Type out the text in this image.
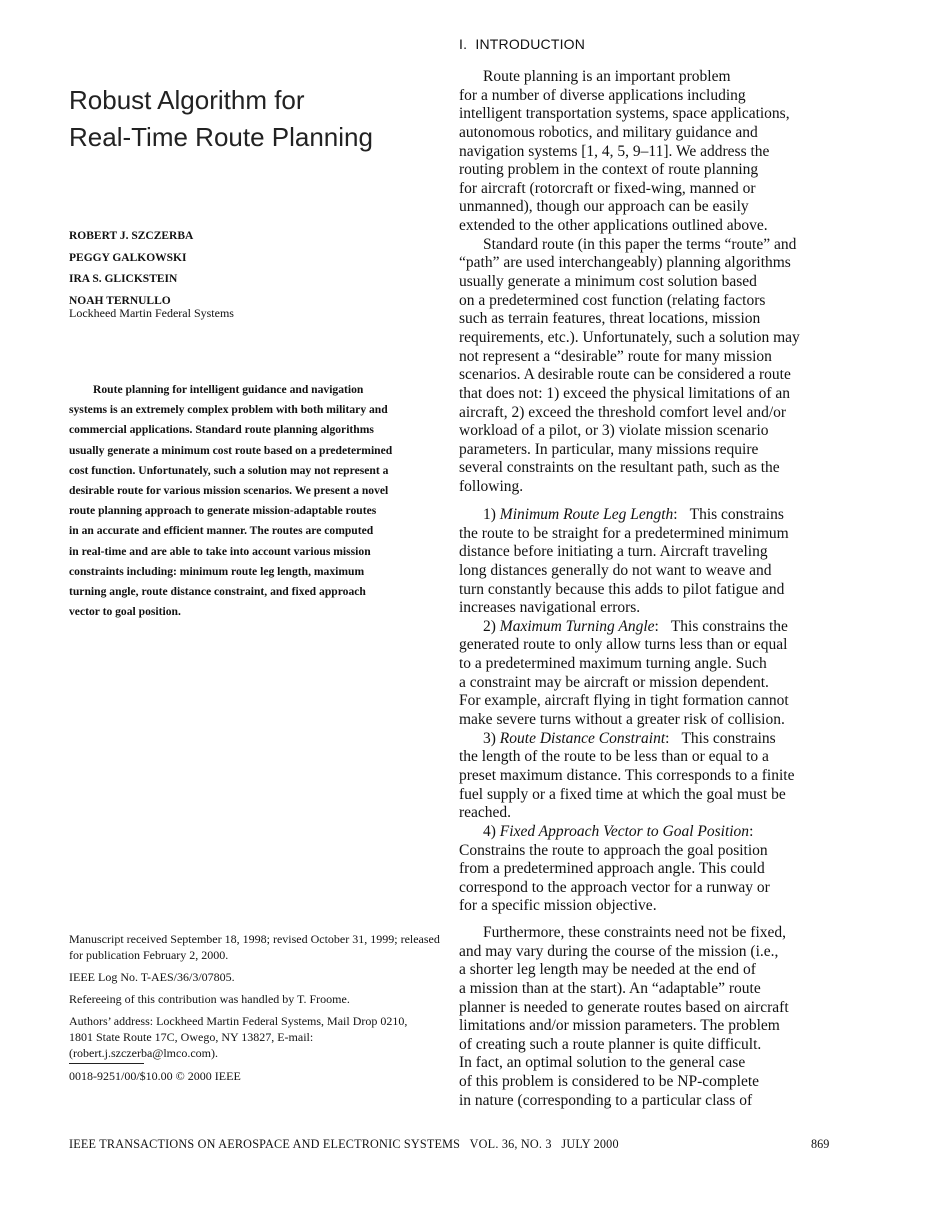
Robust Algorithm for
Real-Time Route Planning
ROBERT J. SZCZERBA
PEGGY GALKOWSKI
IRA S. GLICKSTEIN
NOAH TERNULLO
Lockheed Martin Federal Systems
Route planning for intelligent guidance and navigation
systems is an extremely complex problem with both military and
commercial applications. Standard route planning algorithms
usually generate a minimum cost route based on a predetermined
cost function. Unfortunately, such a solution may not represent a
desirable route for various mission scenarios. We present a novel
route planning approach to generate mission-adaptable routes
in an accurate and efficient manner. The routes are computed
in real-time and are able to take into account various mission
constraints including: minimum route leg length, maximum
turning angle, route distance constraint, and fixed approach
vector to goal position.

Manuscript received September 18, 1998; revised October 31, 1999; released for publication February 2, 2000.

IEEE Log No. T-AES/36/3/07805.

Refereeing of this contribution was handled by T. Froome.

Authors’ address: Lockheed Martin Federal Systems, Mail Drop 0210, 1801 State Route 17C, Owego, NY 13827, E-mail: (robert.j.szczerba@lmco.com).

0018-9251/00/$10.00 © 2000 IEEE
I.  INTRODUCTION
Route planning is an important problem
for a number of diverse applications including
intelligent transportation systems, space applications,
autonomous robotics, and military guidance and
navigation systems [1, 4, 5, 9–11]. We address the
routing problem in the context of route planning
for aircraft (rotorcraft or fixed-wing, manned or
unmanned), though our approach can be easily
extended to the other applications outlined above.
Standard route (in this paper the terms “route” and
“path” are used interchangeably) planning algorithms
usually generate a minimum cost solution based
on a predetermined cost function (relating factors
such as terrain features, threat locations, mission
requirements, etc.). Unfortunately, such a solution may
not represent a “desirable” route for many mission
scenarios. A desirable route can be considered a route
that does not: 1) exceed the physical limitations of an
aircraft, 2) exceed the threshold comfort level and/or
workload of a pilot, or 3) violate mission scenario
parameters. In particular, many missions require
several constraints on the resultant path, such as the
following.
1) Minimum Route Leg Length: This constrains
the route to be straight for a predetermined minimum
distance before initiating a turn. Aircraft traveling
long distances generally do not want to weave and
turn constantly because this adds to pilot fatigue and
increases navigational errors.
2) Maximum Turning Angle: This constrains the
generated route to only allow turns less than or equal
to a predetermined maximum turning angle. Such
a constraint may be aircraft or mission dependent.
For example, aircraft flying in tight formation cannot
make severe turns without a greater risk of collision.
3) Route Distance Constraint: This constrains
the length of the route to be less than or equal to a
preset maximum distance. This corresponds to a finite
fuel supply or a fixed time at which the goal must be
reached.
4) Fixed Approach Vector to Goal Position:
Constrains the route to approach the goal position
from a predetermined approach angle. This could
correspond to the approach vector for a runway or
for a specific mission objective.
Furthermore, these constraints need not be fixed,
and may vary during the course of the mission (i.e.,
a shorter leg length may be needed at the end of
a mission than at the start). An “adaptable” route
planner is needed to generate routes based on aircraft
limitations and/or mission parameters. The problem
of creating such a route planner is quite difficult.
In fact, an optimal solution to the general case
of this problem is considered to be NP-complete
in nature (corresponding to a particular class of
IEEE TRANSACTIONS ON AEROSPACE AND ELECTRONIC SYSTEMS   VOL. 36, NO. 3   JULY 2000	869
